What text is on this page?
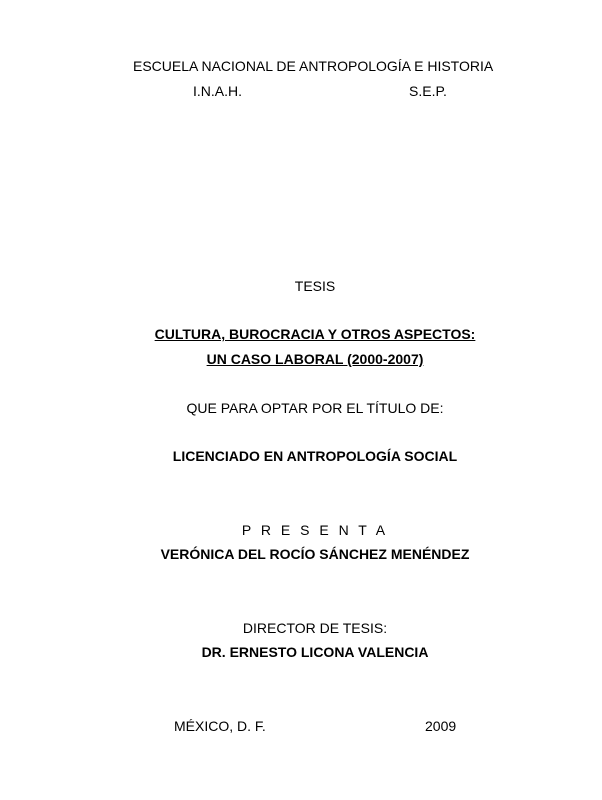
ESCUELA NACIONAL DE ANTROPOLOGÍA E HISTORIA
I.N.A.H.	S.E.P.
TESIS
CULTURA, BUROCRACIA Y OTROS ASPECTOS:
UN CASO LABORAL (2000-2007)
QUE PARA OPTAR POR EL TÍTULO DE:
LICENCIADO EN ANTROPOLOGÍA SOCIAL
P R E S E N T A
VERÓNICA DEL ROCÍO SÁNCHEZ MENÉNDEZ
DIRECTOR DE TESIS:
DR. ERNESTO LICONA VALENCIA
MÉXICO, D. F.	2009
